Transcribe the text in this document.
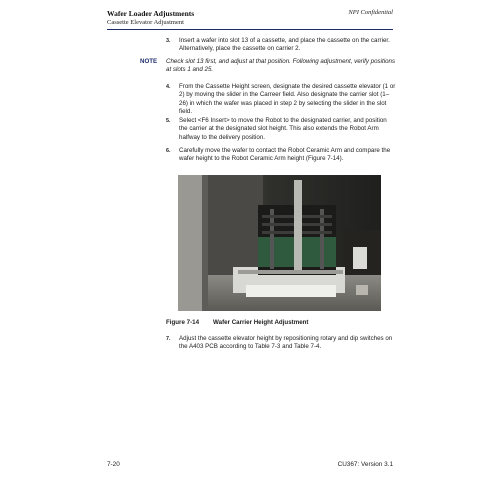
Wafer Loader Adjustments
Cassette Elevator Adjustment
NPI Confidential
3. Insert a wafer into slot 13 of a cassette, and place the cassette on the carrier. Alternatively, place the cassette on carrier 2.
NOTE Check slot 13 first, and adjust at that position. Following adjustment, verify positions at slots 1 and 25.
4. From the Cassette Height screen, designate the desired cassette elevator (1 or 2) by moving the slider in the Carreer field. Also designate the carrier slot (1–26) in which the wafer was placed in step 2 by selecting the slider in the slot field.
5. Select <F6 Insert> to move the Robot to the designated carrier, and position the carrier at the designated slot height. This also extends the Robot Arm halfway to the delivery position.
6. Carefully move the wafer to contact the Robot Ceramic Arm and compare the wafer height to the Robot Ceramic Arm height (Figure 7-14).
Figure 7-14 Wafer Carrier Height Adjustment
7. Adjust the cassette elevator height by repositioning rotary and dip switches on the A403 PCB according to Table 7-3 and Table 7-4.
7-20	CU367: Version 3.1
